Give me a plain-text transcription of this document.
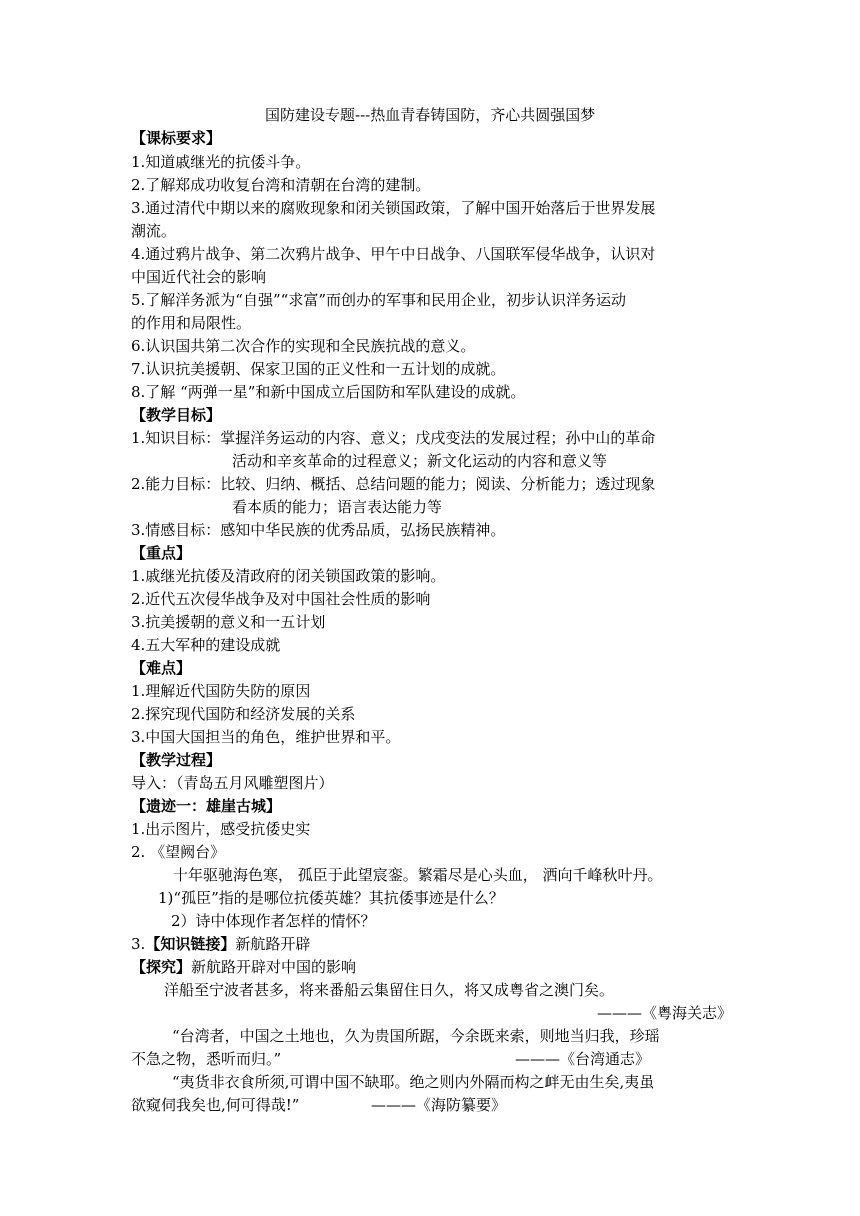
国防建设专题---热血青春铸国防，齐心共圆强国梦
【课标要求】
1.知道戚继光的抗倭斗争。
2.了解郑成功收复台湾和清朝在台湾的建制。
3.通过清代中期以来的腐败现象和闭关锁国政策，了解中国开始落后于世界发展
潮流。
4.通过鸦片战争、第二次鸦片战争、甲午中日战争、八国联军侵华战争，认识对
中国近代社会的影响
5.了解洋务派为“自强”“求富”而创办的军事和民用企业，初步认识洋务运动
的作用和局限性。
6.认识国共第二次合作的实现和全民族抗战的意义。
7.认识抗美援朝、保家卫国的正义性和一五计划的成就。
8.了解 “两弹一星”和新中国成立后国防和军队建设的成就。
【教学目标】
1.知识目标：掌握洋务运动的内容、意义；戊戌变法的发展过程；孙中山的革命
活动和辛亥革命的过程意义；新文化运动的内容和意义等
2.能力目标：比较、归纳、概括、总结问题的能力；阅读、分析能力；透过现象
看本质的能力；语言表达能力等
3.情感目标：感知中华民族的优秀品质，弘扬民族精神。
【重点】
1.戚继光抗倭及清政府的闭关锁国政策的影响。
2.近代五次侵华战争及对中国社会性质的影响
3.抗美援朝的意义和一五计划
4.五大军种的建设成就
【难点】
1.理解近代国防失防的原因
2.探究现代国防和经济发展的关系
3.中国大国担当的角色，维护世界和平。
【教学过程】
导入：（青岛五月风雕塑图片）
【遗迹一：雄崖古城】
1.出示图片，感受抗倭史实
2. 《望阙台》
十年驱驰海色寒， 孤臣于此望宸銮。繁霜尽是心头血， 洒向千峰秋叶丹。
1)“孤臣”指的是哪位抗倭英雄？其抗倭事迹是什么？
2）诗中体现作者怎样的情怀？
3.【知识链接】新航路开辟
【探究】新航路开辟对中国的影响
洋船至宁波者甚多，将来番船云集留住日久，将又成粤省之澳门矣。
———《粤海关志》
“台湾者，中国之土地也，久为贵国所踞，今余既来索，则地当归我，珍瑶
不急之物，悉听而归。”	———《台湾通志》
“夷货非衣食所须,可谓中国不缺耶。绝之则内外隔而构之衅无由生矣,夷虽
欲窥伺我矣也,何可得哉!”	———《海防纂要》
